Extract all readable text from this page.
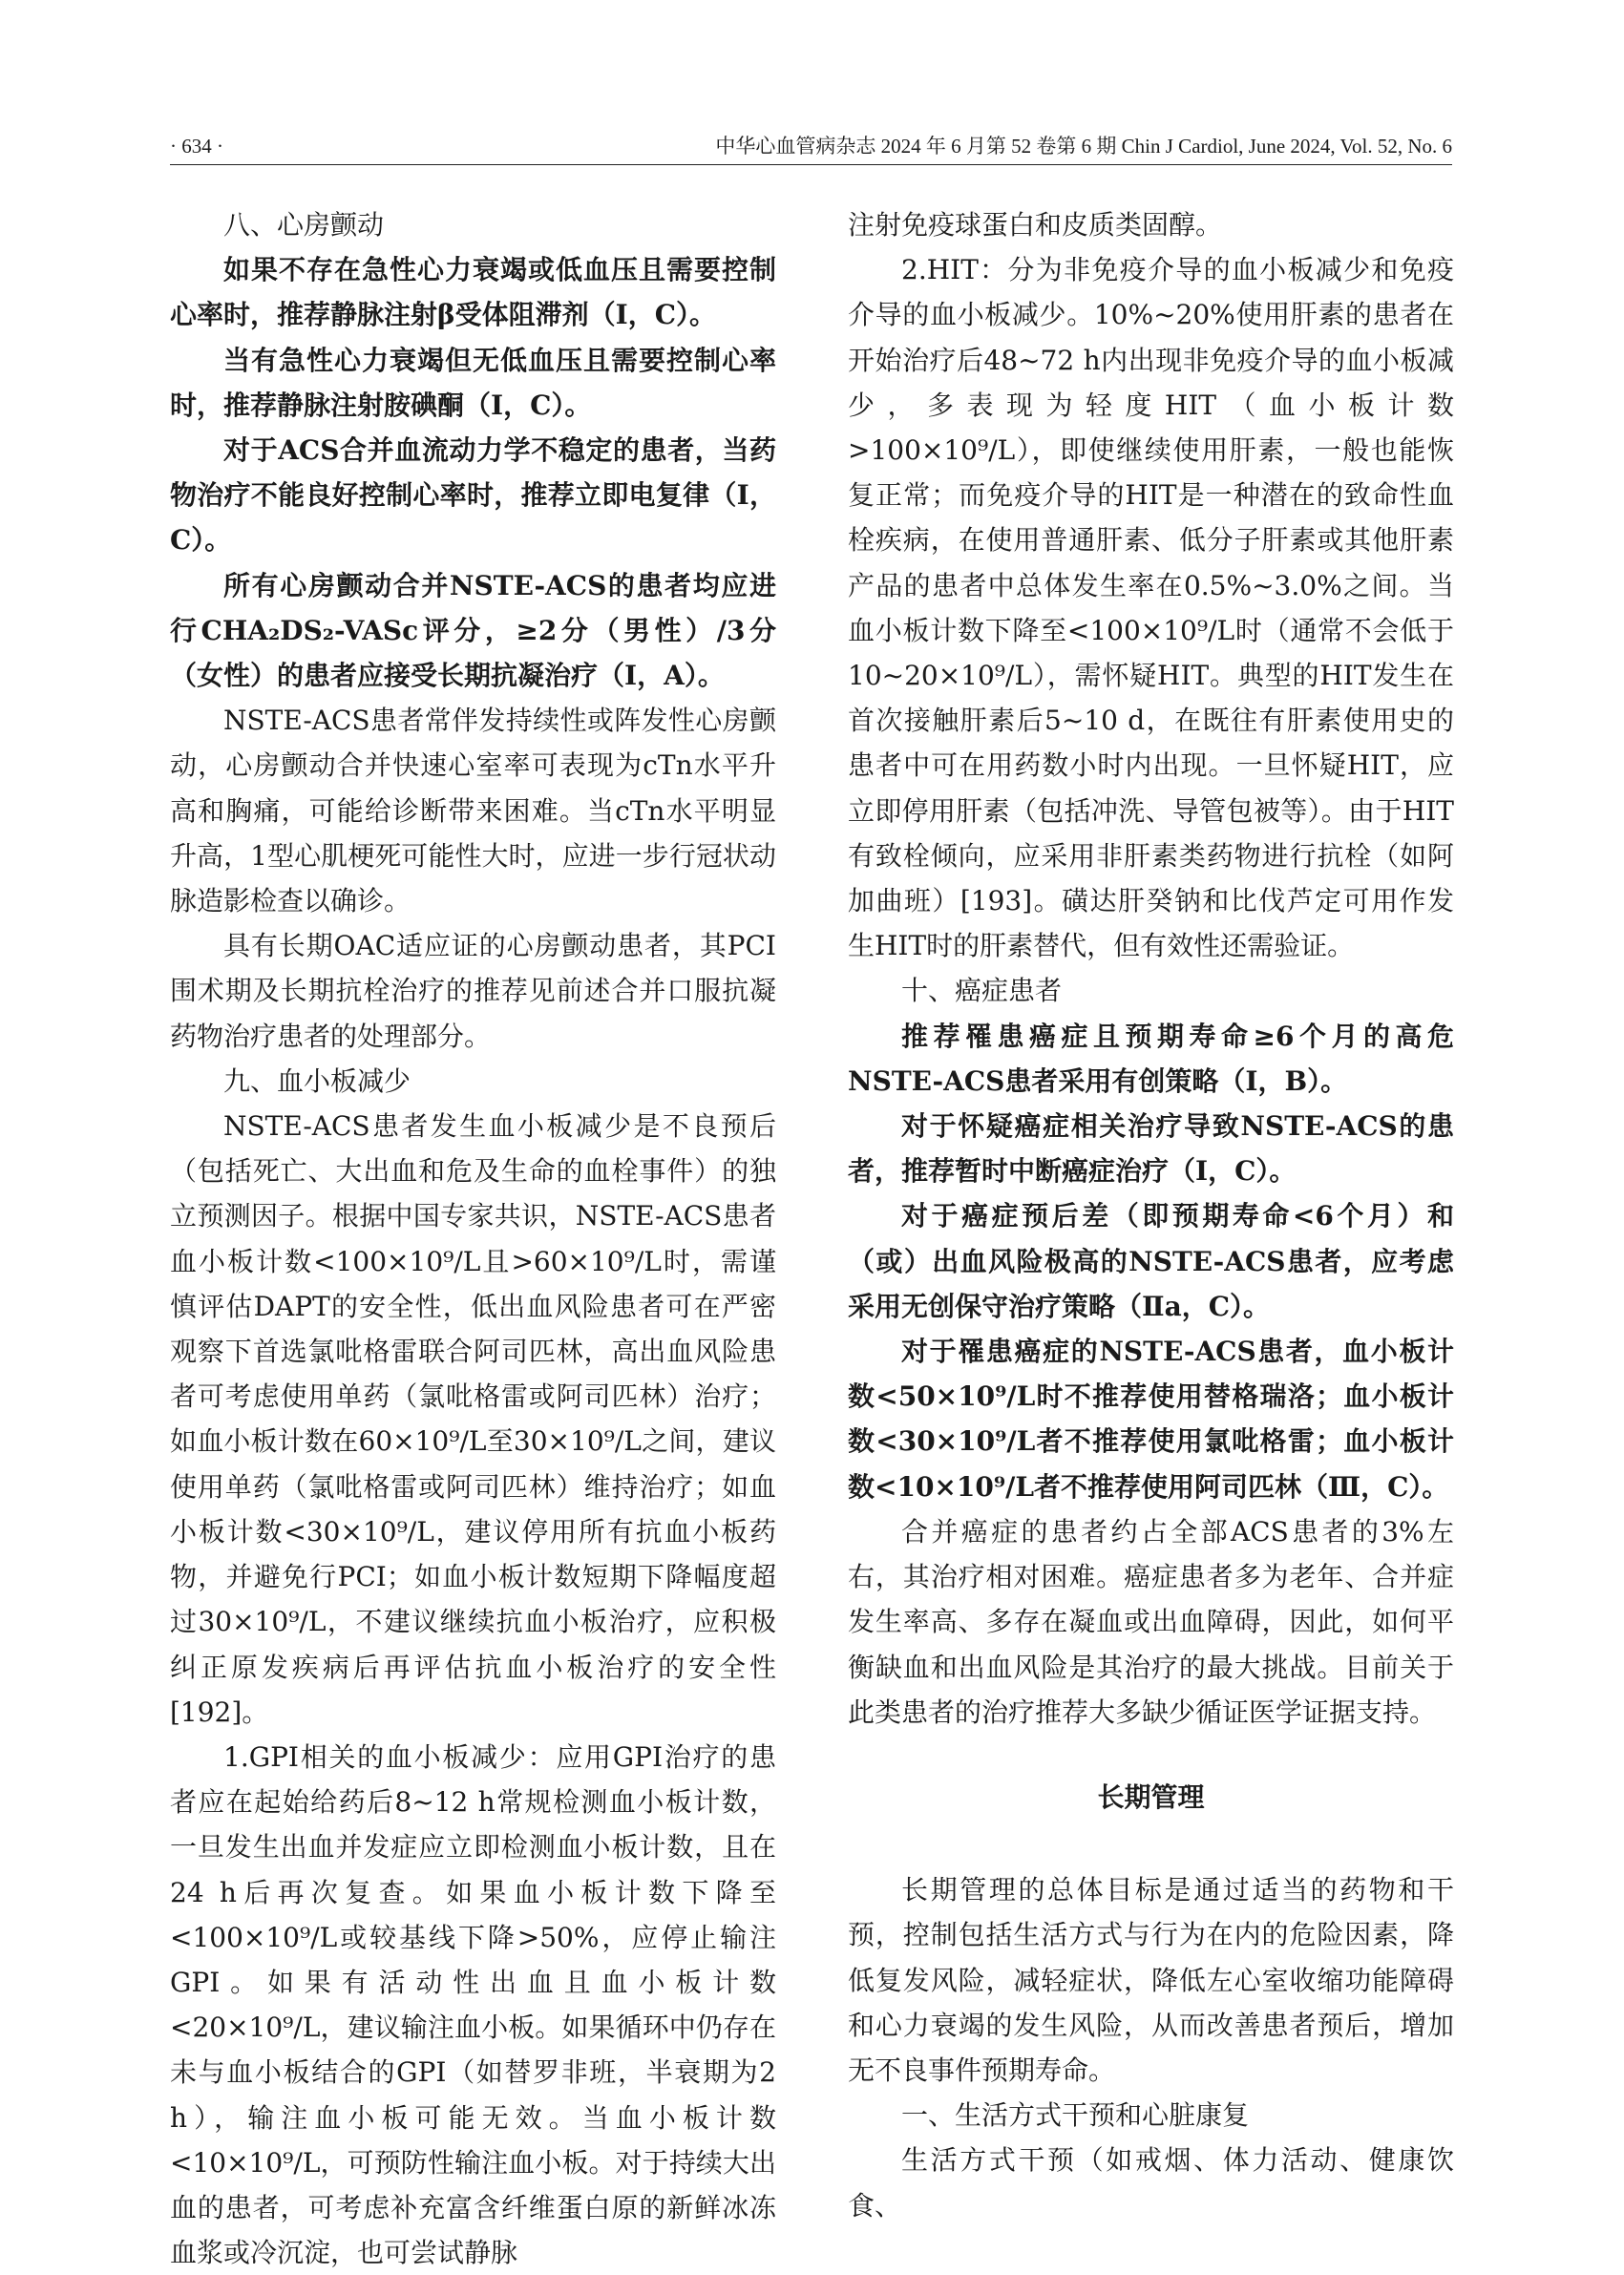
· 634 ·	中华心血管病杂志 2024 年 6 月第 52 卷第 6 期 Chin J Cardiol, June 2024, Vol. 52, No. 6

八、心房颤动

如果不存在急性心力衰竭或低血压且需要控制心率时，推荐静脉注射β受体阻滞剂（Ⅰ，C）。

当有急性心力衰竭但无低血压且需要控制心率时，推荐静脉注射胺碘酮（Ⅰ，C）。

对于ACS合并血流动力学不稳定的患者，当药物治疗不能良好控制心率时，推荐立即电复律（Ⅰ，C）。

所有心房颤动合并NSTE-ACS的患者均应进行CHA₂DS₂-VASc评分，≥2分（男性）/3分（女性）的患者应接受长期抗凝治疗（Ⅰ，A）。

NSTE-ACS患者常伴发持续性或阵发性心房颤动，心房颤动合并快速心室率可表现为cTn水平升高和胸痛，可能给诊断带来困难。当cTn水平明显升高，1型心肌梗死可能性大时，应进一步行冠状动脉造影检查以确诊。

具有长期OAC适应证的心房颤动患者，其PCI围术期及长期抗栓治疗的推荐见前述合并口服抗凝药物治疗患者的处理部分。

九、血小板减少

NSTE-ACS患者发生血小板减少是不良预后（包括死亡、大出血和危及生命的血栓事件）的独立预测因子。根据中国专家共识，NSTE-ACS患者血小板计数<100×10⁹/L且>60×10⁹/L时，需谨慎评估DAPT的安全性，低出血风险患者可在严密观察下首选氯吡格雷联合阿司匹林，高出血风险患者可考虑使用单药（氯吡格雷或阿司匹林）治疗；如血小板计数在60×10⁹/L至30×10⁹/L之间，建议使用单药（氯吡格雷或阿司匹林）维持治疗；如血小板计数<30×10⁹/L，建议停用所有抗血小板药物，并避免行PCI；如血小板计数短期下降幅度超过30×10⁹/L，不建议继续抗血小板治疗，应积极纠正原发疾病后再评估抗血小板治疗的安全性[192]。

1.GPI相关的血小板减少：应用GPI治疗的患者应在起始给药后8~12 h常规检测血小板计数，一旦发生出血并发症应立即检测血小板计数，且在24 h后再次复查。如果血小板计数下降至<100×10⁹/L或较基线下降>50%，应停止输注GPI。如果有活动性出血且血小板计数<20×10⁹/L，建议输注血小板。如果循环中仍存在未与血小板结合的GPI（如替罗非班，半衰期为2 h），输注血小板可能无效。当血小板计数<10×10⁹/L，可预防性输注血小板。对于持续大出血的患者，可考虑补充富含纤维蛋白原的新鲜冰冻血浆或冷沉淀，也可尝试静脉

注射免疫球蛋白和皮质类固醇。

2.HIT：分为非免疫介导的血小板减少和免疫介导的血小板减少。10%~20%使用肝素的患者在开始治疗后48~72 h内出现非免疫介导的血小板减少，多表现为轻度HIT（血小板计数>100×10⁹/L），即使继续使用肝素，一般也能恢复正常；而免疫介导的HIT是一种潜在的致命性血栓疾病，在使用普通肝素、低分子肝素或其他肝素产品的患者中总体发生率在0.5%~3.0%之间。当血小板计数下降至<100×10⁹/L时（通常不会低于10~20×10⁹/L），需怀疑HIT。典型的HIT发生在首次接触肝素后5~10 d，在既往有肝素使用史的患者中可在用药数小时内出现。一旦怀疑HIT，应立即停用肝素（包括冲洗、导管包被等）。由于HIT有致栓倾向，应采用非肝素类药物进行抗栓（如阿加曲班）[193]。磺达肝癸钠和比伐芦定可用作发生HIT时的肝素替代，但有效性还需验证。

十、癌症患者

推荐罹患癌症且预期寿命≥6个月的高危NSTE-ACS患者采用有创策略（Ⅰ，B）。

对于怀疑癌症相关治疗导致NSTE-ACS的患者，推荐暂时中断癌症治疗（Ⅰ，C）。

对于癌症预后差（即预期寿命<6个月）和（或）出血风险极高的NSTE-ACS患者，应考虑采用无创保守治疗策略（Ⅱa，C）。

对于罹患癌症的NSTE-ACS患者，血小板计数<50×10⁹/L时不推荐使用替格瑞洛；血小板计数<30×10⁹/L者不推荐使用氯吡格雷；血小板计数<10×10⁹/L者不推荐使用阿司匹林（Ⅲ，C）。

合并癌症的患者约占全部ACS患者的3%左右，其治疗相对困难。癌症患者多为老年、合并症发生率高、多存在凝血或出血障碍，因此，如何平衡缺血和出血风险是其治疗的最大挑战。目前关于此类患者的治疗推荐大多缺少循证医学证据支持。

长期管理

长期管理的总体目标是通过适当的药物和干预，控制包括生活方式与行为在内的危险因素，降低复发风险，减轻症状，降低左心室收缩功能障碍和心力衰竭的发生风险，从而改善患者预后，增加无不良事件预期寿命。

一、生活方式干预和心脏康复

生活方式干预（如戒烟、体力活动、健康饮食、
